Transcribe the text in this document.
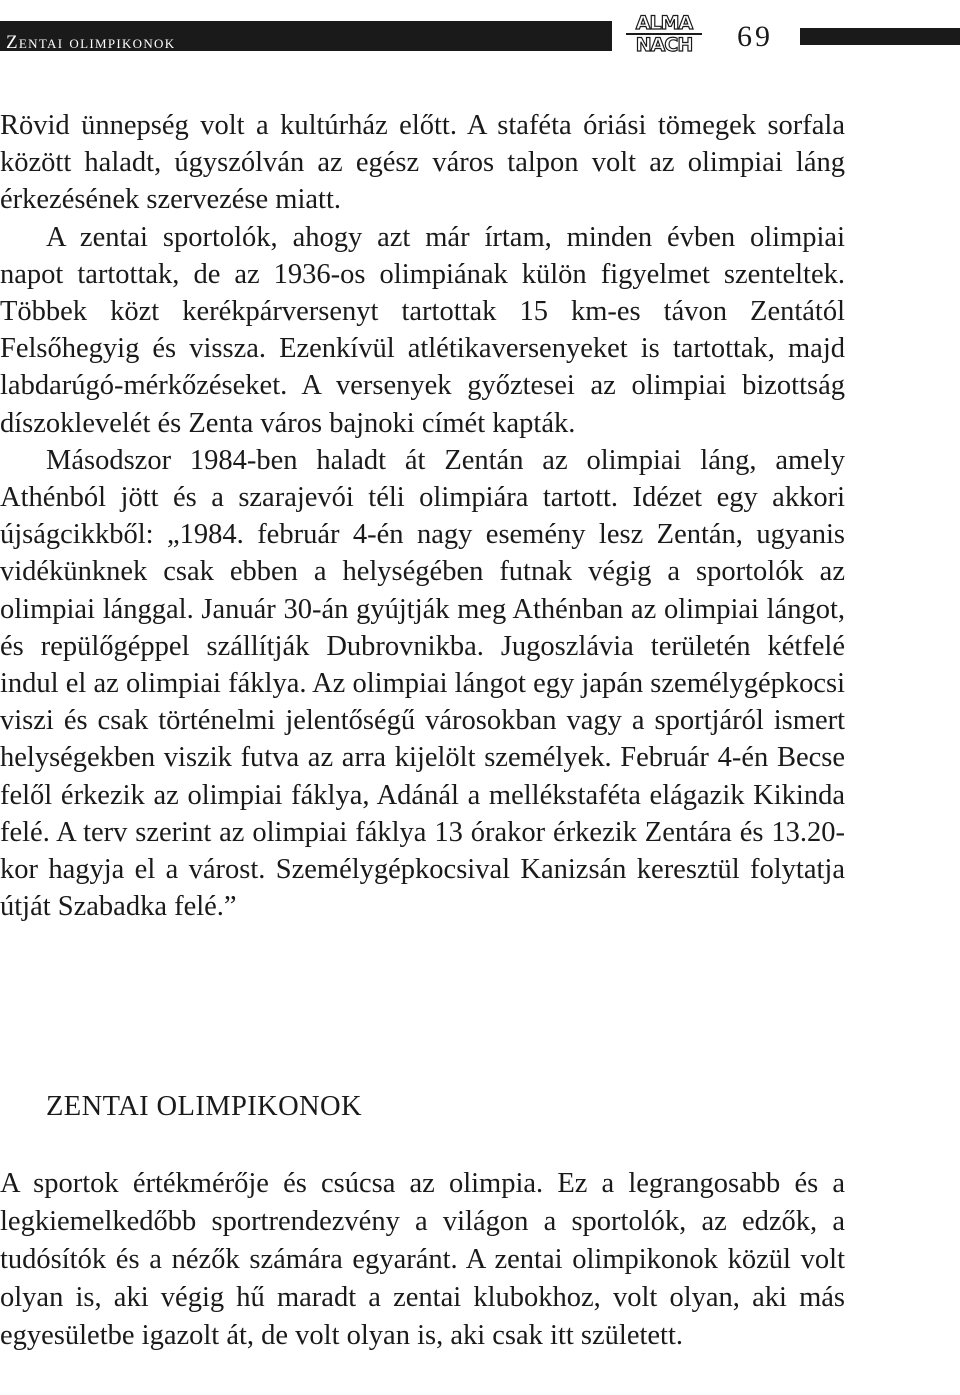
Zentai olimpikonok
ALMA
NACH	69

Rövid ünnepség volt a kultúrház előtt. A staféta óriási tömegek sorfala között haladt, úgyszólván az egész város talpon volt az olimpiai láng érkezésének szervezése miatt.

A zentai sportolók, ahogy azt már írtam, minden évben olimpiai napot tartottak, de az 1936-os olimpiának külön figyelmet szenteltek. Többek közt kerékpárversenyt tartottak 15 km-es távon Zentától Felsőhegyig és vissza. Ezenkívül atlétikaversenyeket is tartottak, majd labdarúgó-mérkőzéseket. A versenyek győztesei az olimpiai bizottság díszoklevelét és Zenta város bajnoki címét kapták.

Másodszor 1984-ben haladt át Zentán az olimpiai láng, amely Athénból jött és a szarajevói téli olimpiára tartott. Idézet egy akkori újságcikkből: „1984. február 4-én nagy esemény lesz Zentán, ugyanis vidékünknek csak ebben a helységében futnak végig a sportolók az olimpiai lánggal. Január 30-án gyújtják meg Athénban az olimpiai lángot, és repülőgéppel szállítják Dubrovnikba. Jugoszlávia területén kétfelé indul el az olimpiai fáklya. Az olimpiai lángot egy japán személygépkocsi viszi és csak történelmi jelentőségű városokban vagy a sportjáról ismert helységekben viszik futva az arra kijelölt személyek. Február 4-én Becse felől érkezik az olimpiai fáklya, Adánál a mellékstaféta elágazik Kikinda felé. A terv szerint az olimpiai fáklya 13 órakor érkezik Zentára és 13.20-kor hagyja el a várost. Személygépkocsival Kanizsán keresztül folytatja útját Szabadka felé.”

ZENTAI OLIMPIKONOK

A sportok értékmérője és csúcsa az olimpia. Ez a legrangosabb és a legkiemelkedőbb sportrendezvény a világon a sportolók, az edzők, a tudósítók és a nézők számára egyaránt. A zentai olimpikonok közül volt olyan is, aki végig hű maradt a zentai klubokhoz, volt olyan, aki más egyesületbe igazolt át, de volt olyan is, aki csak itt született.
